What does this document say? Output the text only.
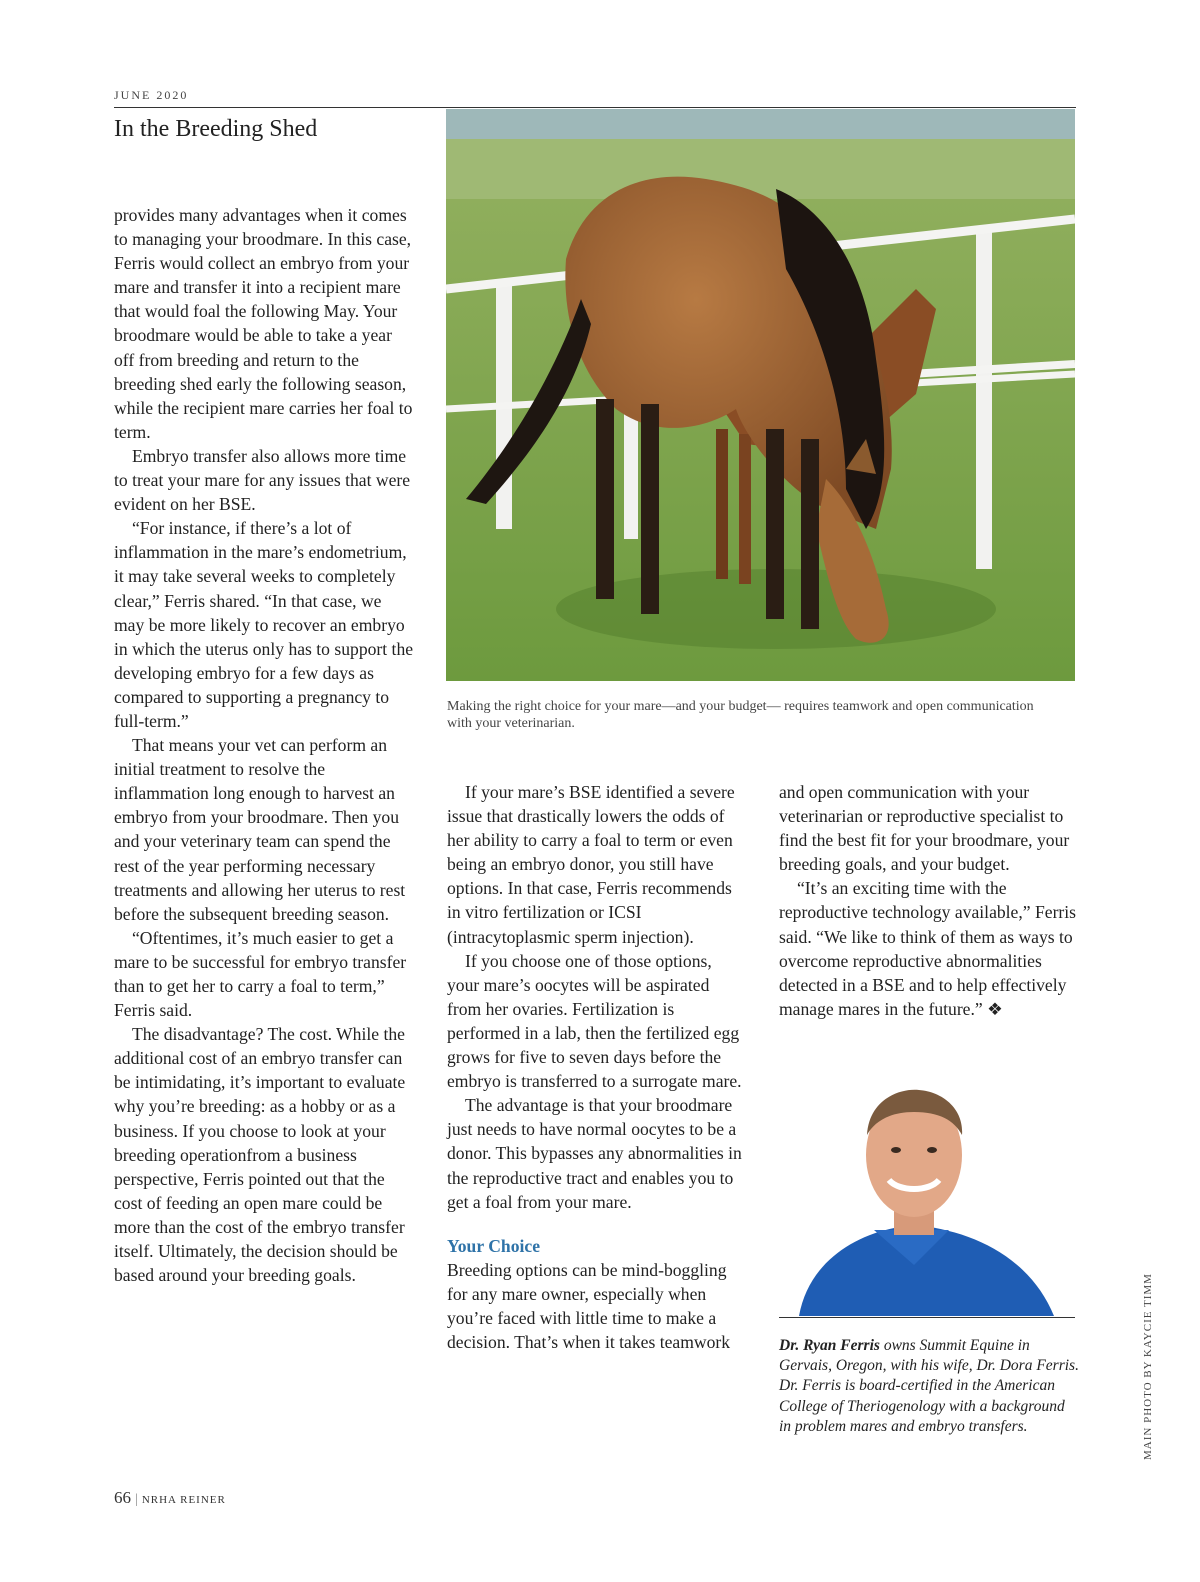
JUNE 2020
In the Breeding Shed

provides many advantages when it comes to managing your broodmare. In this case, Ferris would collect an embryo from your mare and transfer it into a recipient mare that would foal the following May. Your broodmare would be able to take a year off from breeding and return to the breeding shed early the following season, while the recipient mare carries her foal to term.

Embryo transfer also allows more time to treat your mare for any issues that were evident on her BSE.

“For instance, if there’s a lot of inflammation in the mare’s endometrium, it may take several weeks to completely clear,” Ferris shared. “In that case, we may be more likely to recover an embryo in which the uterus only has to support the developing embryo for a few days as compared to supporting a pregnancy to full-term.”

That means your vet can perform an initial treatment to resolve the inflammation long enough to harvest an embryo from your broodmare. Then you and your veterinary team can spend the rest of the year performing necessary treatments and allowing her uterus to rest before the subsequent breeding season.

“Oftentimes, it’s much easier to get a mare to be successful for embryo transfer than to get her to carry a foal to term,” Ferris said.

The disadvantage? The cost. While the additional cost of an embryo transfer can be intimidating, it’s important to evaluate why you’re breeding: as a hobby or as a business. If you choose to look at your breeding operationfrom a business perspective, Ferris pointed out that the cost of feeding an open mare could be more than the cost of the embryo transfer itself. Ultimately, the decision should be based around your breeding goals.

Making the right choice for your mare—and your budget— requires teamwork and open communication with your veterinarian.

If your mare’s BSE identified a severe issue that drastically lowers the odds of her ability to carry a foal to term or even being an embryo donor, you still have options. In that case, Ferris recommends in vitro fertilization or ICSI (intracytoplasmic sperm injection).

If you choose one of those options, your mare’s oocytes will be aspirated from her ovaries. Fertilization is performed in a lab, then the fertilized egg grows for five to seven days before the embryo is transferred to a surrogate mare.

The advantage is that your broodmare just needs to have normal oocytes to be a donor. This bypasses any abnormalities in the reproductive tract and enables you to get a foal from your mare.

Your Choice

Breeding options can be mind-boggling for any mare owner, especially when you’re faced with little time to make a decision. That’s when it takes teamwork

and open communication with your veterinarian or reproductive specialist to find the best fit for your broodmare, your breeding goals, and your budget.

“It’s an exciting time with the reproductive technology available,” Ferris said. “We like to think of them as ways to overcome reproductive abnormalities detected in a BSE and to help effectively manage mares in the future.” ❖

Dr. Ryan Ferris owns Summit Equine in Gervais, Oregon, with his wife, Dr. Dora Ferris. Dr. Ferris is board-certified in the American College of Theriogenology with a background in problem mares and embryo transfers.	MAIN PHOTO BY KAYCIE TIMM
66 | NRHA REINER
